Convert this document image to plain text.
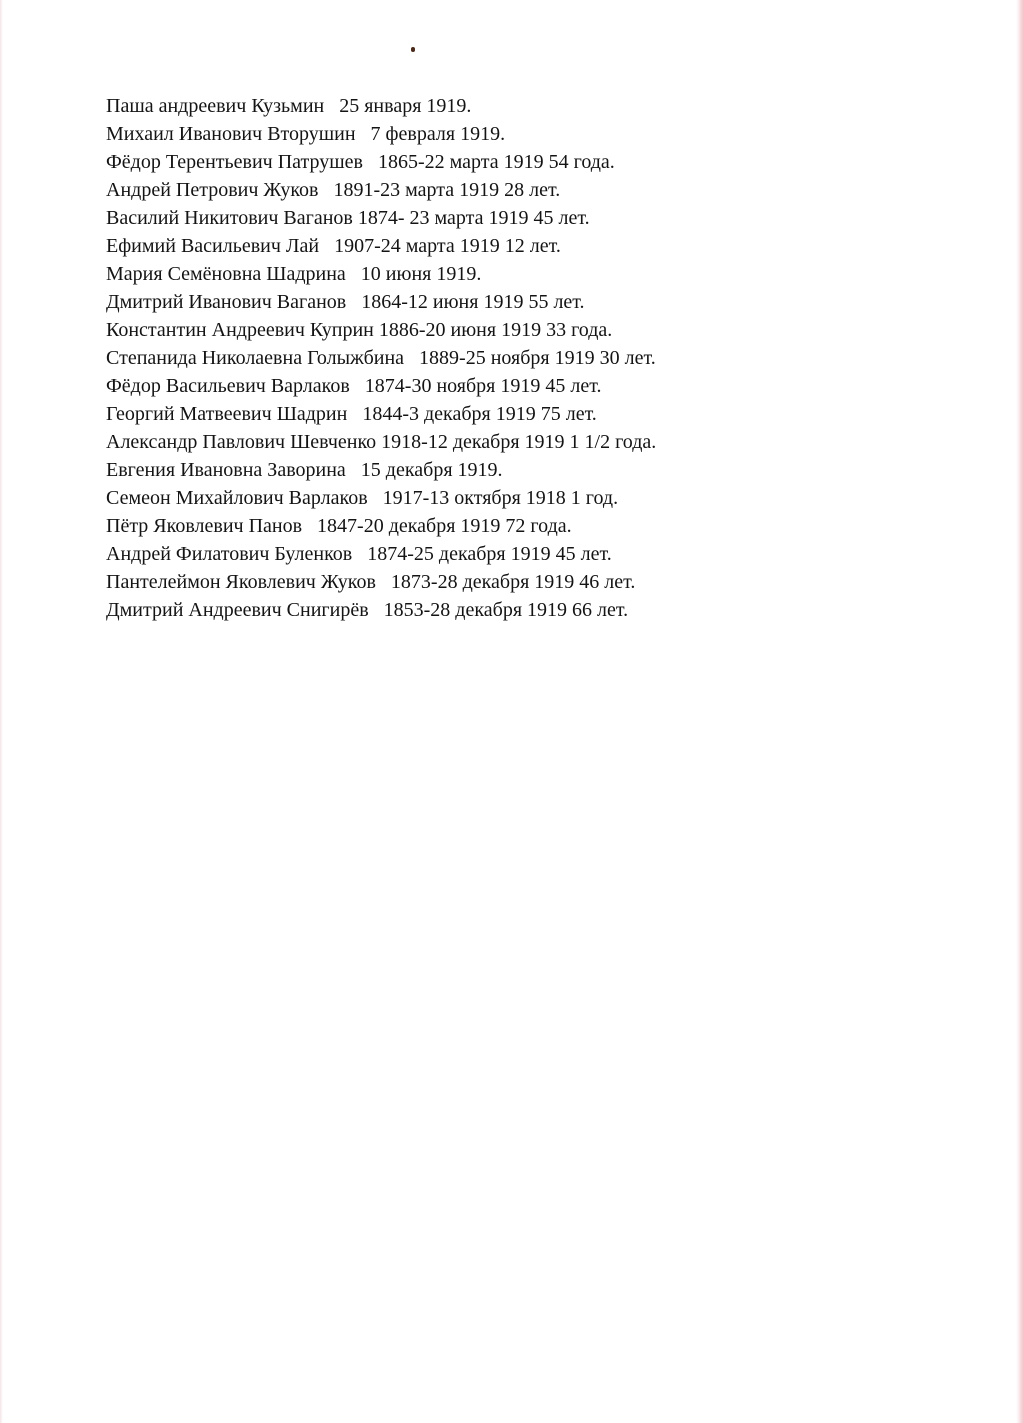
Паша андреевич Кузьмин   25 января 1919.
Михаил Иванович Вторушин   7 февраля 1919.
Фёдор Терентьевич Патрушев   1865-22 марта 1919 54 года.
Андрей Петрович Жуков   1891-23 марта 1919 28 лет.
Василий Никитович Ваганов 1874- 23 марта 1919 45 лет.
Ефимий Васильевич Лай   1907-24 марта 1919 12 лет.
Мария Семёновна Шадрина   10 июня 1919.
Дмитрий Иванович Ваганов   1864-12 июня 1919 55 лет.
Константин Андреевич Куприн 1886-20 июня 1919 33 года.
Степанида Николаевна Голыжбина   1889-25 ноября 1919 30 лет.
Фёдор Васильевич Варлаков   1874-30 ноября 1919 45 лет.
Георгий Матвеевич Шадрин   1844-3 декабря 1919 75 лет.
Александр Павлович Шевченко 1918-12 декабря 1919 1 1/2 года.
Евгения Ивановна Заворина   15 декабря 1919.
Семеон Михайлович Варлаков   1917-13 октября 1918 1 год.
Пётр Яковлевич Панов   1847-20 декабря 1919 72 года.
Андрей Филатович Буленков   1874-25 декабря 1919 45 лет.
Пантелеймон Яковлевич Жуков   1873-28 декабря 1919 46 лет.
Дмитрий Андреевич Снигирёв   1853-28 декабря 1919 66 лет.
